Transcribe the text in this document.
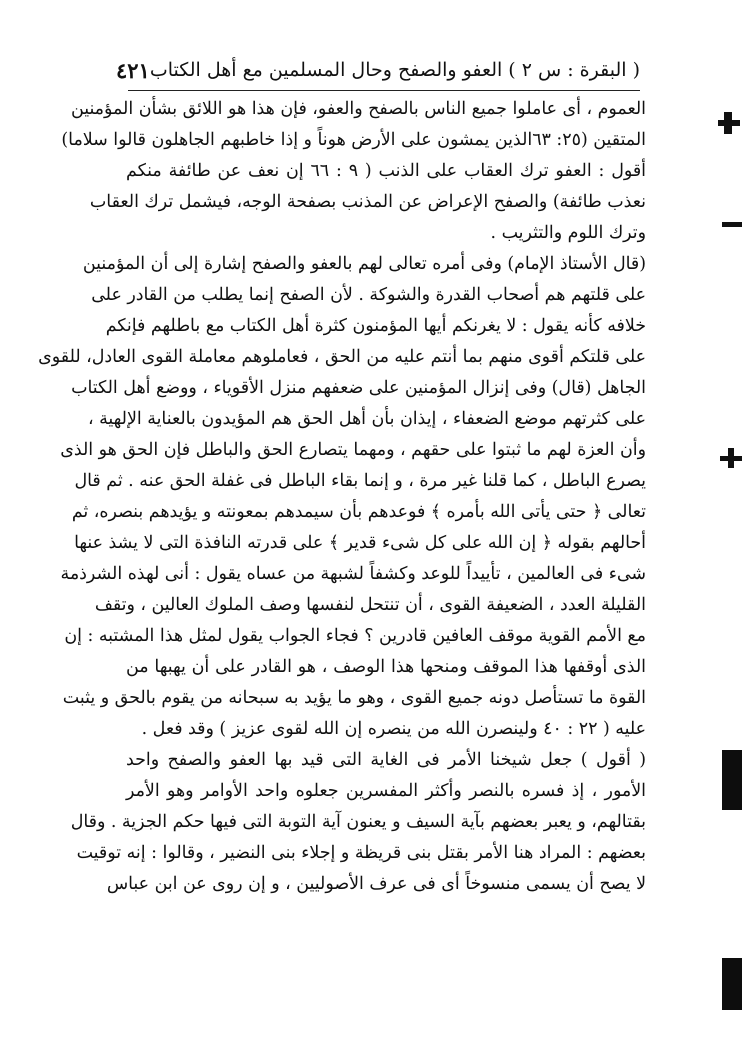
( البقرة : س ٢ ) العفو والصفح وحال المسلمين مع أهل الكتاب
٤٢١
العموم ، أى عاملوا جميع الناس بالصفح والعفو، فإن هذا هو اللائق بشأن المؤمنين
المتقين (٢٥: ٦٣الذين يمشون على الأرض هوناً و إذا خاطبهم الجاهلون قالوا سلاما)
أقول : العفو ترك العقاب على الذنب ( ٩ : ٦٦ إن نعف عن طائفة منكم
نعذب طائفة) والصفح الإعراض عن المذنب بصفحة الوجه، فيشمل ترك العقاب
وترك اللوم والتثريب .
(قال الأستاذ الإمام) وفى أمره تعالى لهم بالعفو والصفح إشارة إلى أن المؤمنين
على قلتهم هم أصحاب القدرة والشوكة . لأن الصفح إنما يطلب من القادر على
خلافه كأنه يقول : لا يغرنكم أيها المؤمنون كثرة أهل الكتاب مع باطلهم فإنكم
على قلتكم أقوى منهم بما أنتم عليه من الحق ، فعاملوهم معاملة القوى العادل، للقوى
الجاهل (قال) وفى إنزال المؤمنين على ضعفهم منزل الأقوياء ، ووضع أهل الكتاب
على كثرتهم موضع الضعفاء ، إيذان بأن أهل الحق هم المؤيدون بالعناية الإلهية ،
وأن العزة لهم ما ثبتوا على حقهم ، ومهما يتصارع الحق والباطل فإن الحق هو الذى
يصرع الباطل ، كما قلنا غير مرة ، و إنما بقاء الباطل فى غفلة الحق عنه . ثم قال
تعالى ﴿ حتى يأتى الله بأمره ﴾ فوعدهم بأن سيمدهم بمعونته و يؤيدهم بنصره، ثم
أحالهم بقوله ﴿ إن الله على كل شىء قدير ﴾ على قدرته النافذة التى لا يشذ عنها
شىء فى العالمين ، تأييداً للوعد وكشفاً لشبهة من عساه يقول : أنى لهذه الشرذمة
القليلة العدد ، الضعيفة القوى ، أن تنتحل لنفسها وصف الملوك العالين ، وتقف
مع الأمم القوية موقف العافين قادرين ؟ فجاء الجواب يقول لمثل هذا المشتبه : إن
الذى أوقفها هذا الموقف ومنحها هذا الوصف ، هو القادر على أن يهبها من
القوة ما تستأصل دونه جميع القوى ، وهو ما يؤيد به سبحانه من يقوم بالحق و يثبت
عليه ( ٢٢ : ٤٠ ولينصرن الله من ينصره إن الله لقوى عزيز ) وقد فعل .
( أقول ) جعل شيخنا الأمر فى الغاية التى قيد بها العفو والصفح واحد
الأمور ، إذ فسره بالنصر وأكثر المفسرين جعلوه واحد الأوامر وهو الأمر
بقتالهم، و يعبر بعضهم بآية السيف و يعنون آية التوبة التى فيها حكم الجزية . وقال
بعضهم : المراد هنا الأمر بقتل بنى قريظة و إجلاء بنى النضير ، وقالوا : إنه توقيت
لا يصح أن يسمى منسوخاً أى فى عرف الأصوليين ، و إن روى عن ابن عباس
